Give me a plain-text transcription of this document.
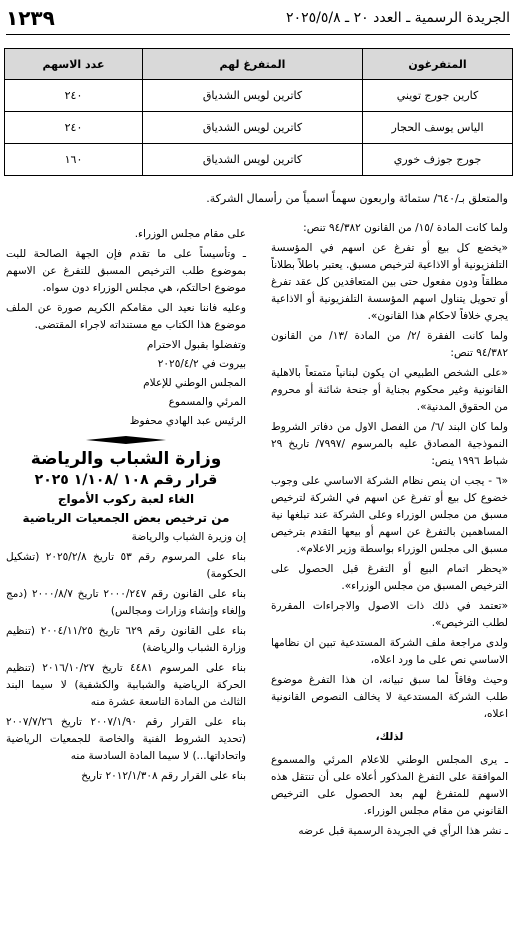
١٢٣٩	الجريدة الرسمية ـ العدد ٢٠ ـ ٢٠٢٥/٥/٨
المتفرغون	المتفرغ لهم	عدد الاسهم
كارين جورج تويني	كاترين لويس الشدياق	٢٤٠
الياس يوسف الحجار	كاترين لويس الشدياق	٢٤٠
جورج جوزف خوري	كاترين لويس الشدياق	١٦٠
والمتعلق بـ/٦٤٠/ ستمائة واربعون سهماً اسمياً من رأسمال الشركة.

ولما كانت المادة /١٥/ من القانون ٩٤/٣٨٢ تنص:

«يخضع كل بيع أو تفرغ عن اسهم في المؤسسة التلفزيونية أو الاذاعية لترخيص مسبق. يعتبر باطلاً بطلاناً مطلقاً ودون مفعول حتى بين المتعاقدين كل عقد تفرغ أو تحويل يتناول اسهم المؤسسة التلفزيونية أو الاذاعية يجري خلافاً لاحكام هذا القانون».

ولما كانت الفقرة /٢/ من المادة /١٣/ من القانون ٩٤/٣٨٢ تنص:

«على الشخص الطبيعي ان يكون لبنانياً متمتعاً بالاهلية القانونية وغير محكوم بجناية أو جنحة شائنة أو محروم من الحقوق المدنية».

ولما كان البند /٦/ من الفصل الاول من دفاتر الشروط النموذجية المصادق عليه بالمرسوم /٧٩٩٧/ تاريخ ٢٩ شباط ١٩٩٦ ينص:

«٦ - يجب ان ينص نظام الشركة الاساسي على وجوب خضوع كل بيع أو تفرغ عن اسهم في الشركة لترخيص مسبق من مجلس الوزراء وعلى الشركة عند تبلغها نية المساهمين بالتفرغ عن اسهم أو بيعها التقدم بترخيص مسبق الى مجلس الوزراء بواسطة وزير الاعلام».

«يحظر اتمام البيع أو التفرغ قبل الحصول على الترخيص المسبق من مجلس الوزراء».

«تعتمد في ذلك ذات الاصول والاجراءات المقررة لطلب الترخيص».

ولدى مراجعة ملف الشركة المستدعية تبين ان نظامها الاساسي نص على ما ورد اعلاه،

وحيث وفاقاً لما سبق تبيانه، ان هذا التفرغ موضوع طلب الشركة المستدعية لا يخالف النصوص القانونية اعلاه،

لذلك،

ـ يرى المجلس الوطني للاعلام المرئي والمسموع الموافقة على التفرغ المذكور أعلاه على أن تنتقل هذه الاسهم للمتفرغ لهم بعد الحصول على الترخيص القانوني من مقام مجلس الوزراء.

ـ نشر هذا الرأي في الجريدة الرسمية قبل عرضه

على مقام مجلس الوزراء.

ـ وتأسيساً على ما تقدم فإن الجهة الصالحة للبت بموضوع طلب الترخيص المسبق للتفرغ عن الاسهم موضوع احالتكم، هي مجلس الوزراء دون سواه.

وعليه فاننا نعيد الى مقامكم الكريم صورة عن الملف موضوع هذا الكتاب مع مستنداته لاجراء المقتضى.

وتفضلوا بقبول الاحترام

بيروت في ٢٠٢٥/٤/٢

المجلس الوطني للإعلام

المرئي والمسموع

الرئيس عبد الهادي محفوظ

وزارة الشباب والرياضة
قرار رقم ١٠٨ /١/١٠٨ ٢٠٢٥
الغاء لعبة ركوب الأمواج
من ترخيص بعض الجمعيات الرياضية

إن وزيرة الشباب والرياضة

بناء على المرسوم رقم ٥٣ تاريخ ٢٠٢٥/٢/٨ (تشكيل الحكومة)

بناء على القانون رقم ٢٠٠٠/٢٤٧ تاريخ ٢٠٠٠/٨/٧ (دمج وإلغاء وإنشاء وزارات ومجالس)

بناء على القانون رقم ٦٢٩ تاريخ ٢٠٠٤/١١/٢٥ (تنظيم وزارة الشباب والرياضة)

بناء على المرسوم ٤٤٨١ تاريخ ٢٠١٦/١٠/٢٧ (تنظيم الحركة الرياضية والشبابية والكشفية) لا سيما البند الثالث من المادة التاسعة عشرة منه

بناء على القرار رقم ٢٠٠٧/١/٩٠ تاريخ ٢٠٠٧/٧/٢٦ (تحديد الشروط الفنية والخاصة للجمعيات الرياضية واتحاداتها...) لا سيما المادة السادسة منه

بناء على القرار رقم ٢٠١٢/١/٣٠٨ تاريخ
